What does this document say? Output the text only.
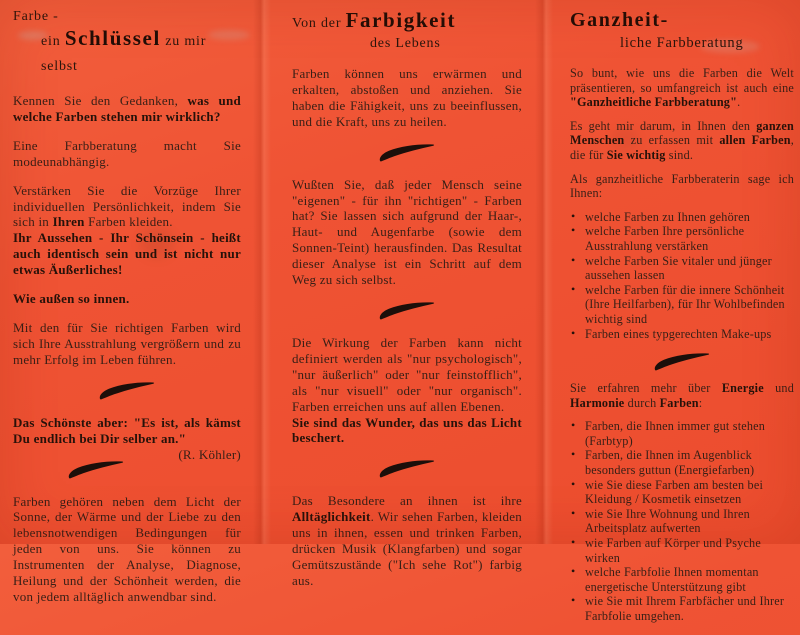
Farbe -
ein Schlüssel zu mir selbst
Kennen Sie den Gedanken, was und welche Farben stehen mir wirklich?
Eine Farbberatung macht Sie modeunabhängig.
Verstärken Sie die Vorzüge Ihrer individuellen Persönlichkeit, indem Sie sich in Ihren Farben kleiden.
Ihr Aussehen - Ihr Schönsein - heißt auch identisch sein und ist nicht nur etwas Äußerliches!
Wie außen so innen.
Mit den für Sie richtigen Farben wird sich Ihre Ausstrahlung vergrößern und zu mehr Erfolg im Leben führen.
Das Schönste aber: "Es ist, als kämst Du endlich bei Dir selber an."
(R. Köhler)
Farben gehören neben dem Licht der Sonne, der Wärme und der Liebe zu den lebensnotwendigen Bedingungen für jeden von uns. Sie können zu Instrumenten der Analyse, Diagnose, Heilung und der Schönheit werden, die von jedem alltäglich anwendbar sind.
Von der Farbigkeit
des Lebens
Farben können uns erwärmen und erkalten, abstoßen und anziehen. Sie haben die Fähigkeit, uns zu beeinflussen, und die Kraft, uns zu heilen.
Wußten Sie, daß jeder Mensch seine "eigenen" - für ihn "richtigen" - Farben hat? Sie lassen sich aufgrund der Haar-, Haut- und Augenfarbe (sowie dem Sonnen-Teint) herausfinden. Das Resultat dieser Analyse ist ein Schritt auf dem Weg zu sich selbst.
Die Wirkung der Farben kann nicht definiert werden als "nur psychologisch", "nur äußerlich" oder "nur feinstofflich", als "nur visuell" oder "nur organisch". Farben erreichen uns auf allen Ebenen.
Sie sind das Wunder, das uns das Licht beschert.
Das Besondere an ihnen ist ihre Alltäglichkeit. Wir sehen Farben, kleiden uns in ihnen, essen und trinken Farben, drücken Musik (Klangfarben) und sogar Gemütszustände ("Ich sehe Rot") farbig aus.
Ganzheit-
liche Farbberatung
So bunt, wie uns die Farben die Welt präsentieren, so umfangreich ist auch eine "Ganzheitliche Farbberatung".
Es geht mir darum, in Ihnen den ganzen Menschen zu erfassen mit allen Farben, die für Sie wichtig sind.
Als ganzheitliche Farbberaterin sage ich Ihnen:
• welche Farben zu Ihnen gehören
• welche Farben Ihre persönliche Ausstrahlung verstärken
• welche Farben Sie vitaler und jünger aussehen lassen
• welche Farben für die innere Schönheit (Ihre Heilfarben), für Ihr Wohlbefinden wichtig sind
• Farben eines typgerechten Make-ups
Sie erfahren mehr über Energie und Harmonie durch Farben:
• Farben, die Ihnen immer gut stehen (Farbtyp)
• Farben, die Ihnen im Augenblick besonders guttun (Energiefarben)
• wie Sie diese Farben am besten bei Kleidung / Kosmetik einsetzen
• wie Sie Ihre Wohnung und Ihren Arbeitsplatz aufwerten
• wie Farben auf Körper und Psyche wirken
• welche Farbfolie Ihnen momentan energetische Unterstützung gibt
• wie Sie mit Ihrem Farbfächer und Ihrer Farbfolie umgehen.
